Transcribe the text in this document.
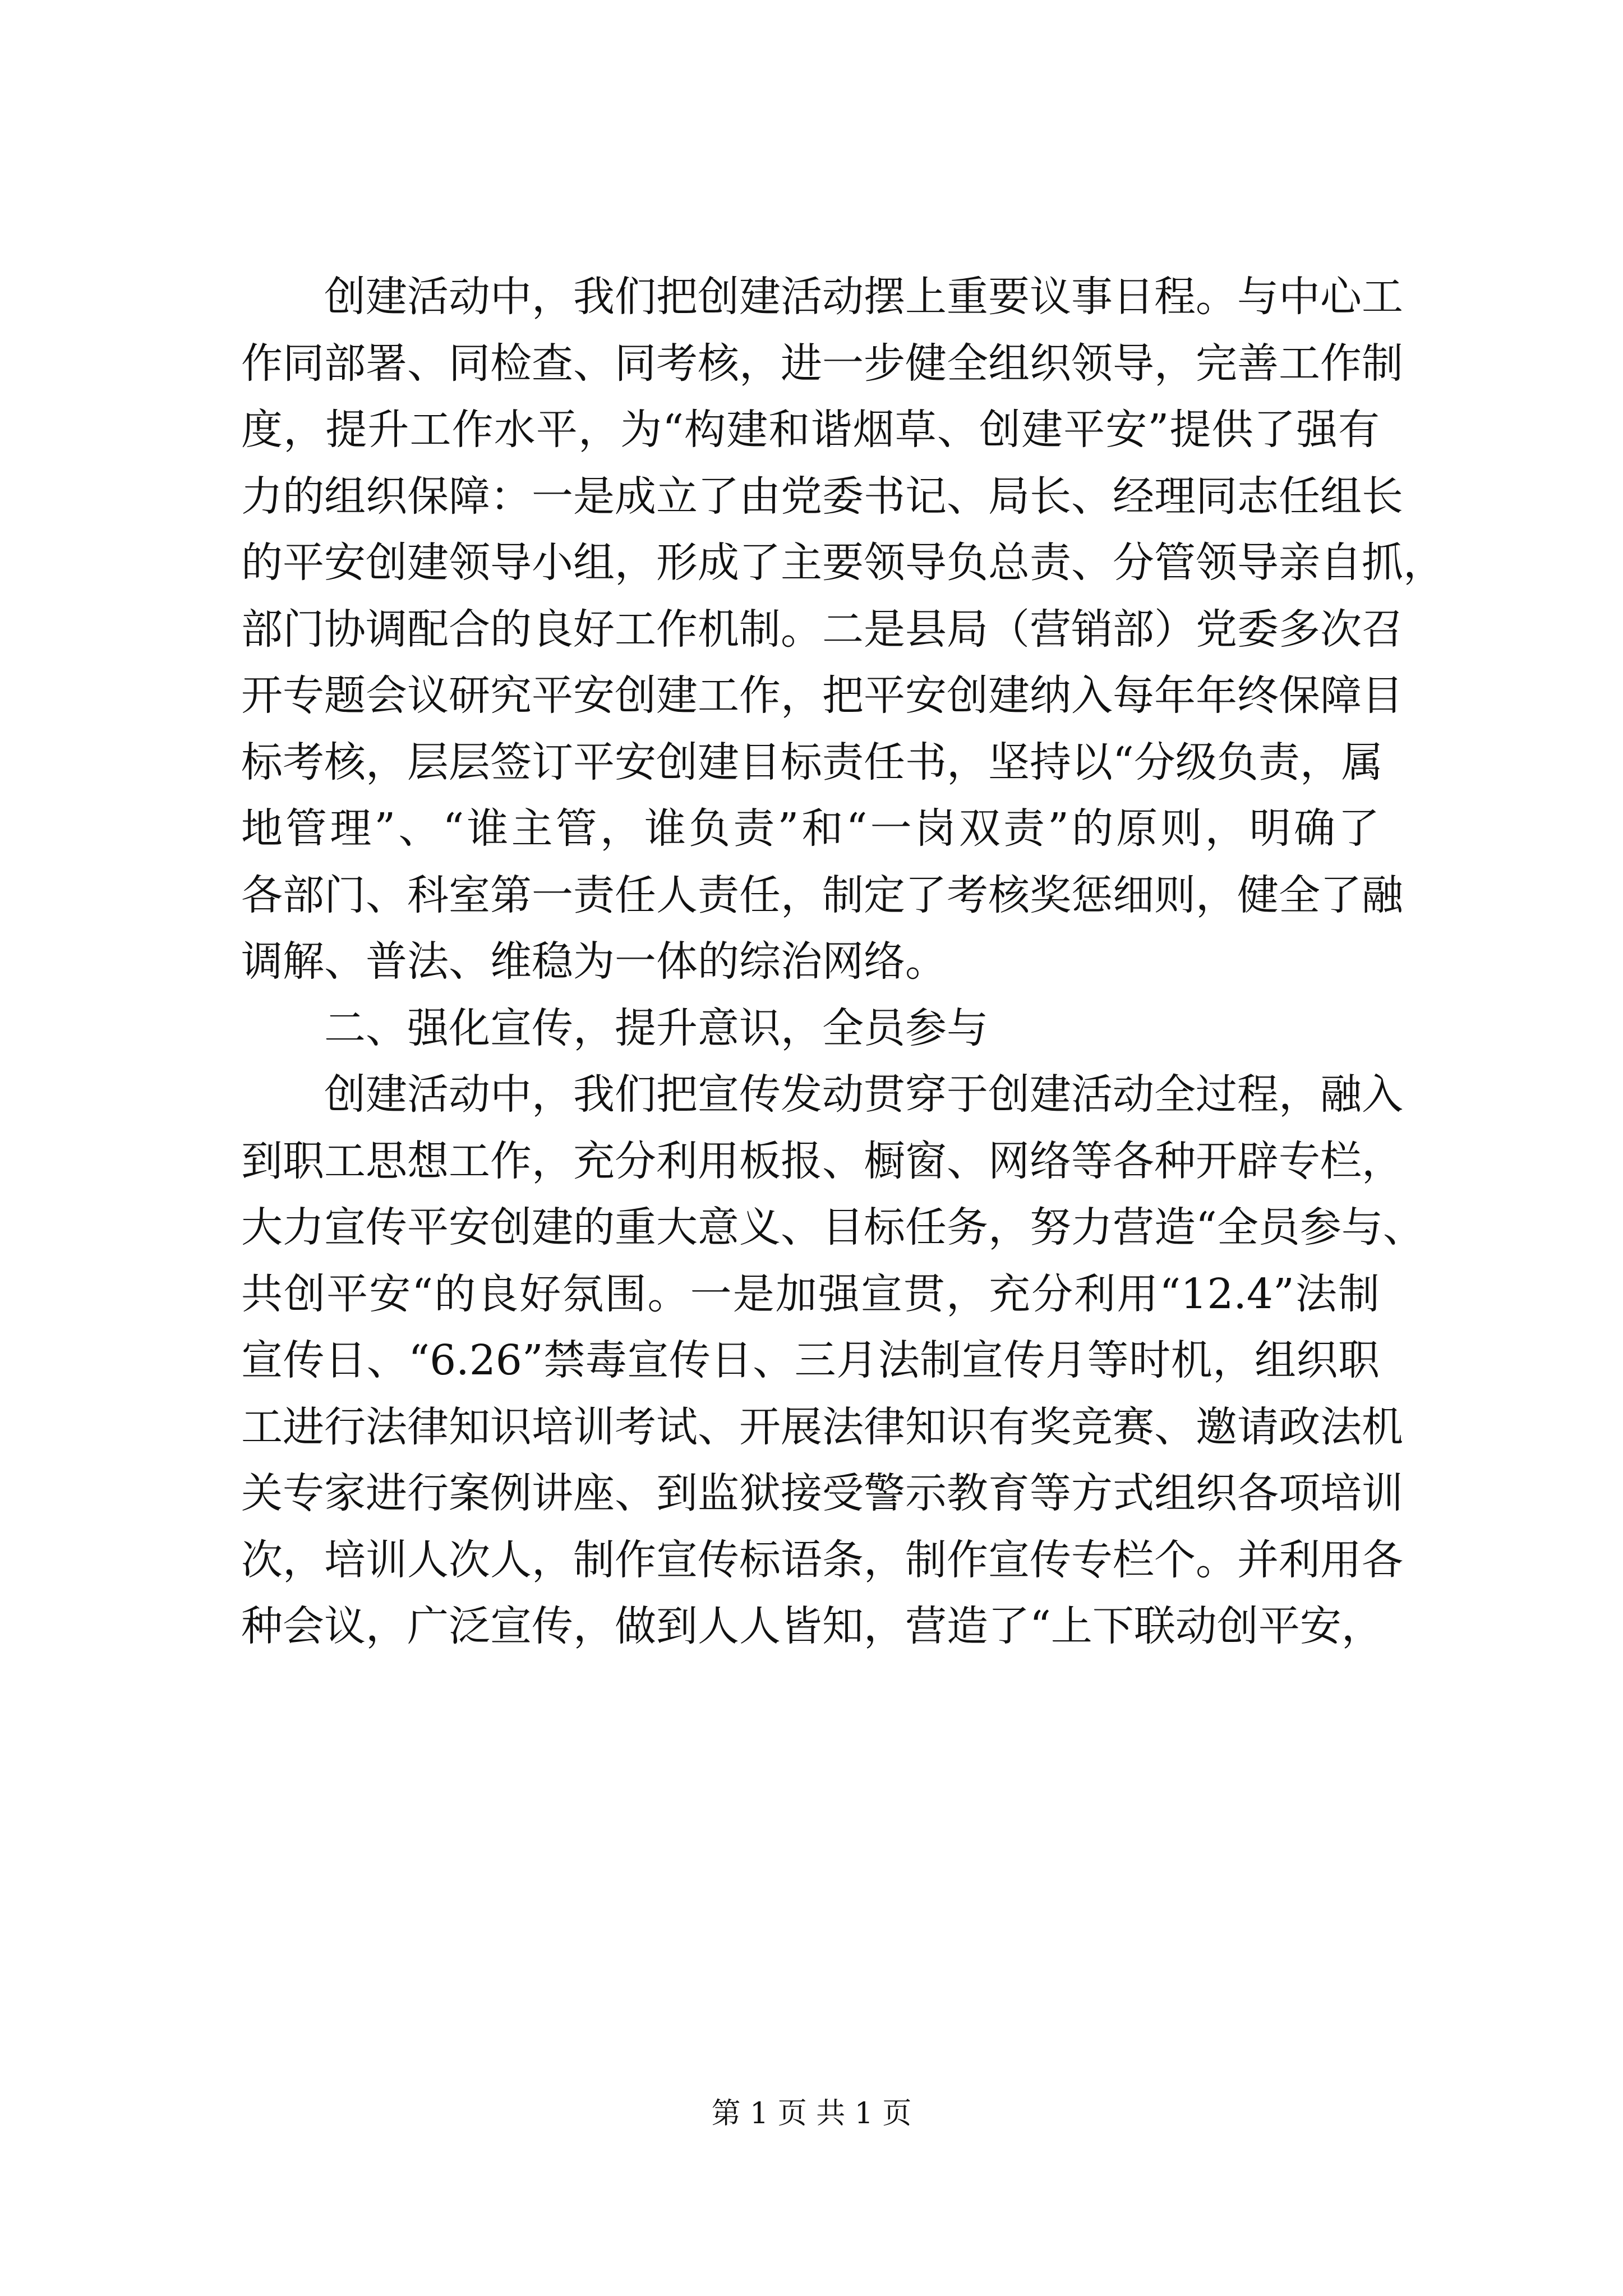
创建活动中，我们把创建活动摆上重要议事日程。与中心工
作同部署、同检查、同考核，进一步健全组织领导，完善工作制
度，提升工作水平，为“构建和谐烟草、创建平安”提供了强有
力的组织保障：一是成立了由党委书记、局长、经理同志任组长
的平安创建领导小组，形成了主要领导负总责、分管领导亲自抓，
部门协调配合的良好工作机制。二是县局（营销部）党委多次召
开专题会议研究平安创建工作，把平安创建纳入每年年终保障目
标考核，层层签订平安创建目标责任书，坚持以“分级负责，属
地管理”、“谁主管，谁负责”和“一岗双责”的原则，明确了
各部门、科室第一责任人责任，制定了考核奖惩细则，健全了融
调解、普法、维稳为一体的综治网络。
二、强化宣传，提升意识，全员参与
创建活动中，我们把宣传发动贯穿于创建活动全过程，融入
到职工思想工作，充分利用板报、橱窗、网络等各种开辟专栏，
大力宣传平安创建的重大意义、目标任务，努力营造“全员参与、
共创平安“的良好氛围。一是加强宣贯，充分利用“12.4”法制
宣传日、“6.26”禁毒宣传日、三月法制宣传月等时机，组织职
工进行法律知识培训考试、开展法律知识有奖竞赛、邀请政法机
关专家进行案例讲座、到监狱接受警示教育等方式组织各项培训
次，培训人次人，制作宣传标语条，制作宣传专栏个。并利用各
种会议，广泛宣传，做到人人皆知，营造了“上下联动创平安，
第 1 页 共 1 页
